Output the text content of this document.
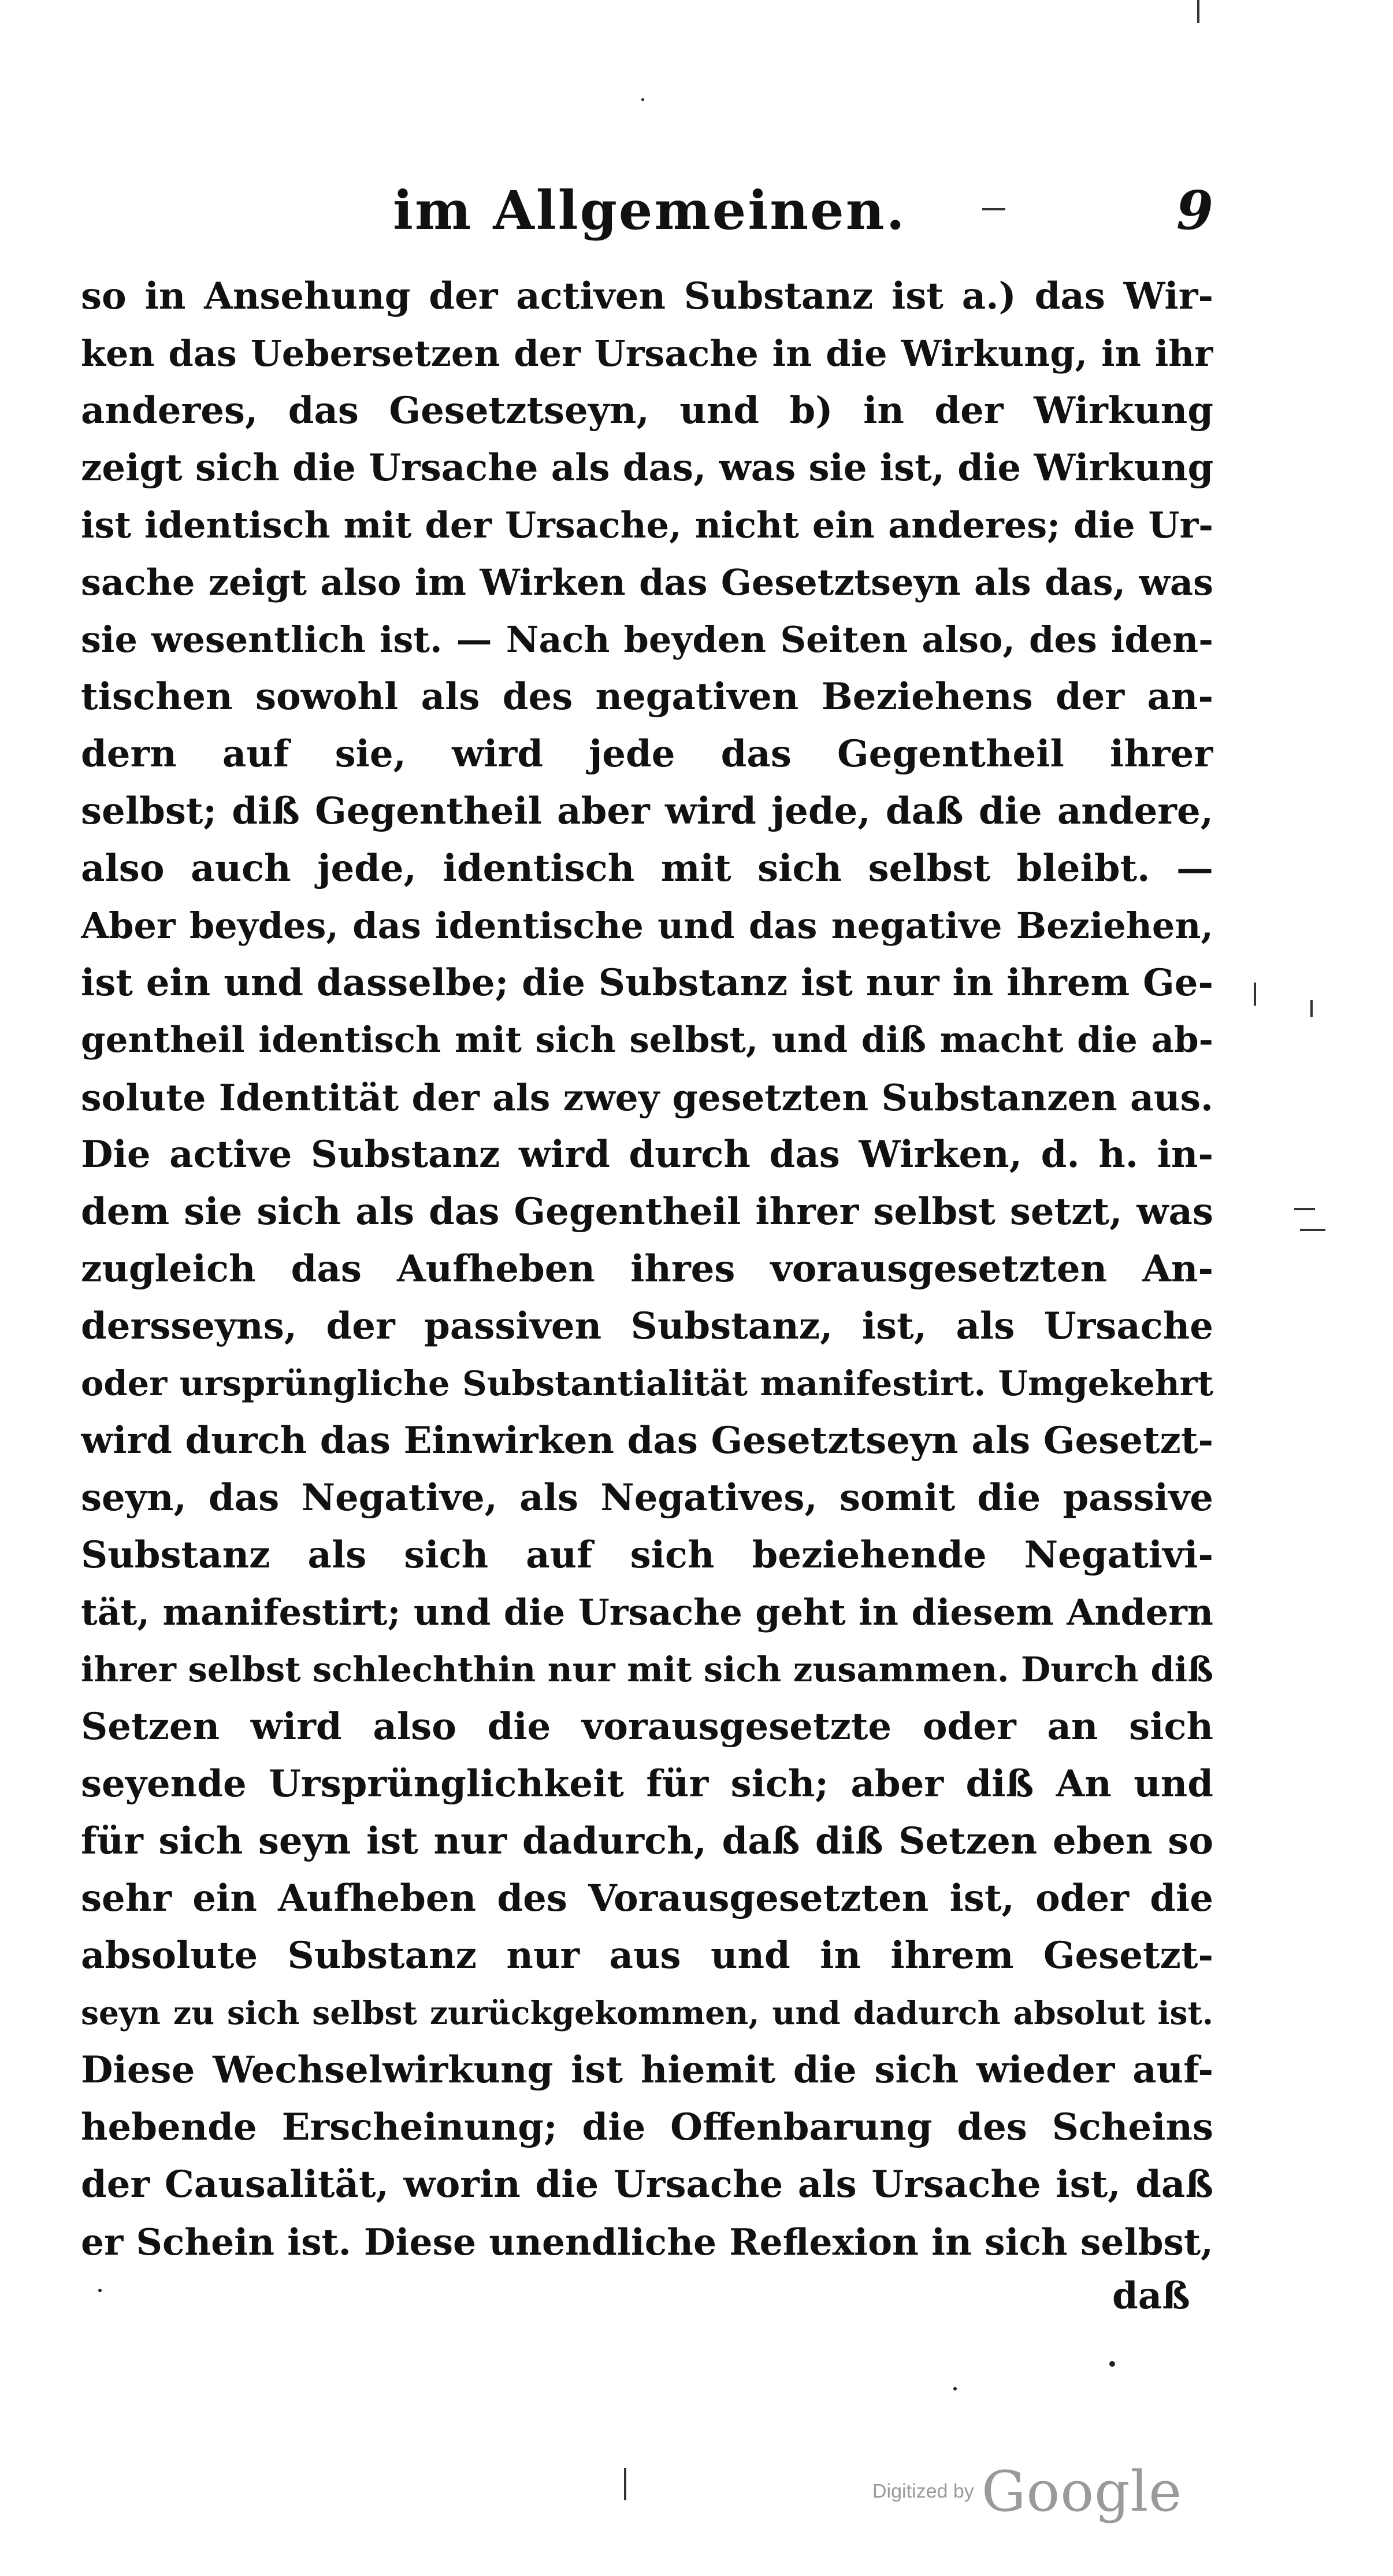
im Allgemeinen.	9
so in Ansehung der activen Substanz ist a.) das Wir-
ken das Uebersetzen der Ursache in die Wirkung, in ihr
anderes, das Gesetztseyn, und b) in der Wirkung
zeigt sich die Ursache als das, was sie ist, die Wirkung
ist identisch mit der Ursache, nicht ein anderes; die Ur-
sache zeigt also im Wirken das Gesetztseyn als das, was
sie wesentlich ist. — Nach beyden Seiten also, des iden-
tischen sowohl als des negativen Beziehens der an-
dern auf sie, wird jede das Gegentheil ihrer
selbst; diß Gegentheil aber wird jede, daß die andere,
also auch jede, identisch mit sich selbst bleibt. —
Aber beydes, das identische und das negative Beziehen,
ist ein und dasselbe; die Substanz ist nur in ihrem Ge-
gentheil identisch mit sich selbst, und diß macht die ab-
solute Identität der als zwey gesetzten Substanzen aus.
Die active Substanz wird durch das Wirken, d. h. in-
dem sie sich als das Gegentheil ihrer selbst setzt, was
zugleich das Aufheben ihres vorausgesetzten An-
dersseyns, der passiven Substanz, ist, als Ursache
oder ursprüngliche Substantialität manifestirt. Umgekehrt
wird durch das Einwirken das Gesetztseyn als Gesetzt-
seyn, das Negative, als Negatives, somit die passive
Substanz als sich auf sich beziehende Negativi-
tät, manifestirt; und die Ursache geht in diesem Andern
ihrer selbst schlechthin nur mit sich zusammen. Durch diß
Setzen wird also die vorausgesetzte oder an sich
seyende Ursprünglichkeit für sich; aber diß An und
für sich seyn ist nur dadurch, daß diß Setzen eben so
sehr ein Aufheben des Vorausgesetzten ist, oder die
absolute Substanz nur aus und in ihrem Gesetzt-
seyn zu sich selbst zurückgekommen, und dadurch absolut ist.
Diese Wechselwirkung ist hiemit die sich wieder auf-
hebende Erscheinung; die Offenbarung des Scheins
der Causalität, worin die Ursache als Ursache ist, daß
er Schein ist. Diese unendliche Reflexion in sich selbst,
daß
Digitized by Google
